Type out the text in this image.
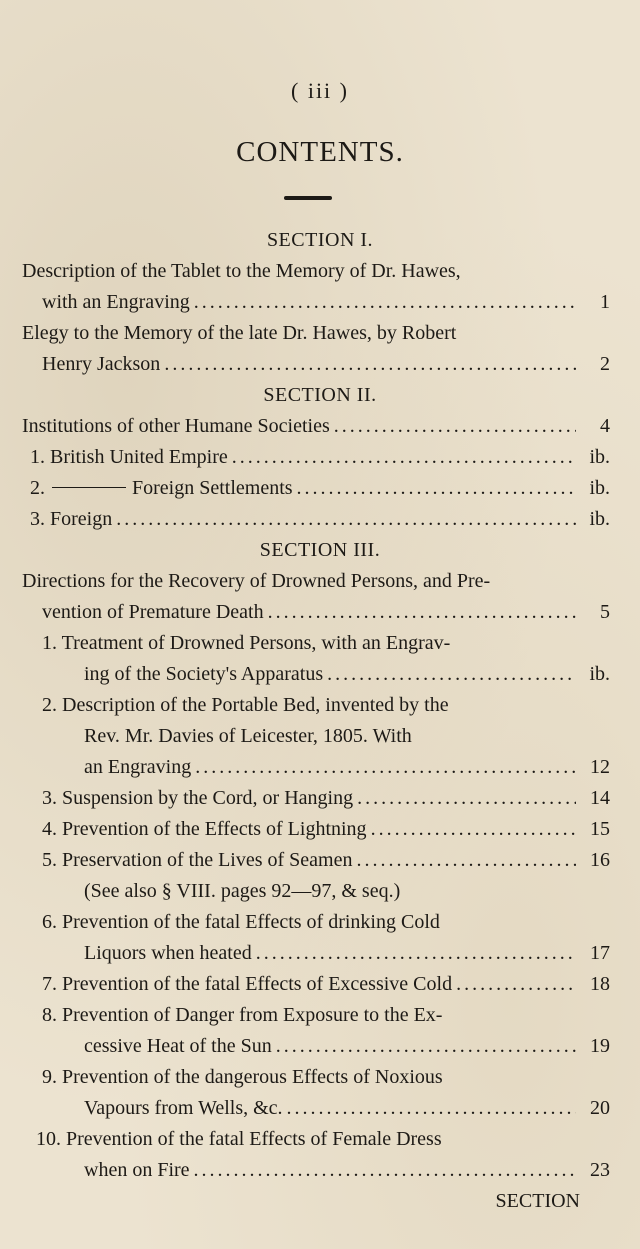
( iii )
CONTENTS.
SECTION I.
Description of the Tablet to the Memory of Dr. Hawes,
with an Engraving . . .	1
Elegy to the Memory of the late Dr. Hawes, by Robert
Henry Jackson . . .	2
SECTION II.
Institutions of other Humane Societies . . .	4
1. British United Empire . . .	ib.
2.	Foreign Settlements . . .	ib.
3. Foreign . . .	ib.
SECTION III.
Directions for the Recovery of Drowned Persons, and Pre-
vention of Premature Death . . .	5
1. Treatment of Drowned Persons, with an Engrav-
ing of the Society's Apparatus . . .	ib.
2. Description of the Portable Bed, invented by the
Rev. Mr. Davies of Leicester, 1805. With
an Engraving . . .	12
3. Suspension by the Cord, or Hanging . . .	14
4. Prevention of the Effects of Lightning . . .	15
5. Preservation of the Lives of Seamen . . .	16
(See also § VIII. pages 92—97, & seq.)
6. Prevention of the fatal Effects of drinking Cold
Liquors when heated . . .	17
7. Prevention of the fatal Effects of Excessive Cold . . .	18
8. Prevention of Danger from Exposure to the Ex-
cessive Heat of the Sun . . .	19
9. Prevention of the dangerous Effects of Noxious
Vapours from Wells, &c. . . .	20
10. Prevention of the fatal Effects of Female Dress
when on Fire . . .	23
SECTION
